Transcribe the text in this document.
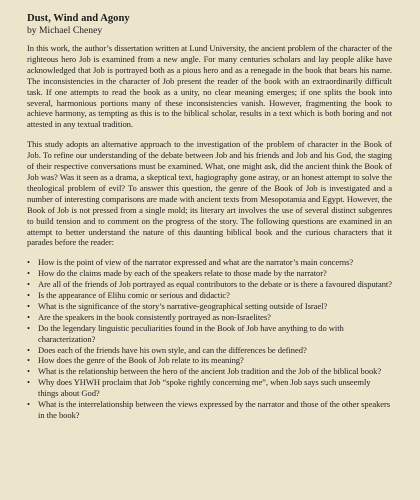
Dust, Wind and Agony
by Michael Cheney

In this work, the author’s dissertation written at Lund University, the ancient problem of the character of the righteous hero Job is examined from a new angle. For many centuries scholars and lay people alike have acknowledged that Job is portrayed both as a pious hero and as a renegade in the book that bears his name. The inconsistencies in the character of Job present the reader of the book with an extraordinarily difficult task. If one attempts to read the book as a unity, no clear meaning emerges; if one splits the book into several, harmonious portions many of these inconsistencies vanish. However, fragmenting the book to achieve harmony, as tempting as this is to the biblical scholar, results in a text which is both boring and not attested in any textual tradition.

This study adopts an alternative approach to the investigation of the problem of character in the Book of Job. To refine our understanding of the debate between Job and his friends and Job and his God, the staging of their respective conversations must be examined. What, one might ask, did the ancient think the Book of Job was? Was it seen as a drama, a skeptical text, hagiography gone astray, or an honest attempt to solve the theological problem of evil? To answer this question, the genre of the Book of Job is investigated and a number of interesting comparisons are made with ancient texts from Mesopotamia and Egypt. However, the Book of Job is not pressed from a single mold; its literary art involves the use of several distinct subgenres to build tension and to comment on the progress of the story. The following questions are examined in an attempt to better understand the nature of this daunting biblical book and the curious characters that it parades before the reader:

• How is the point of view of the narrator expressed and what are the narrator’s main concerns?
• How do the claims made by each of the speakers relate to those made by the narrator?
• Are all of the friends of Job portrayed as equal contributors to the debate or is there a favoured disputant?
• Is the appearance of Elihu comic or serious and didactic?
• What is the significance of the story’s narrative-geographical setting outside of Israel?
• Are the speakers in the book consistently portrayed as non-Israelites?
• Do the legendary linguistic peculiarities found in the Book of Job have anything to do with characterization?
• Does each of the friends have his own style, and can the differences be defined?
• How does the genre of the Book of Job relate to its meaning?
• What is the relationship between the hero of the ancient Job tradition and the Job of the biblical book?
• Why does YHWH proclaim that Job “spoke rightly concerning me”, when Job says such unseemly things about God?
• What is the interrelationship between the views expressed by the narrator and those of the other speakers in the book?
